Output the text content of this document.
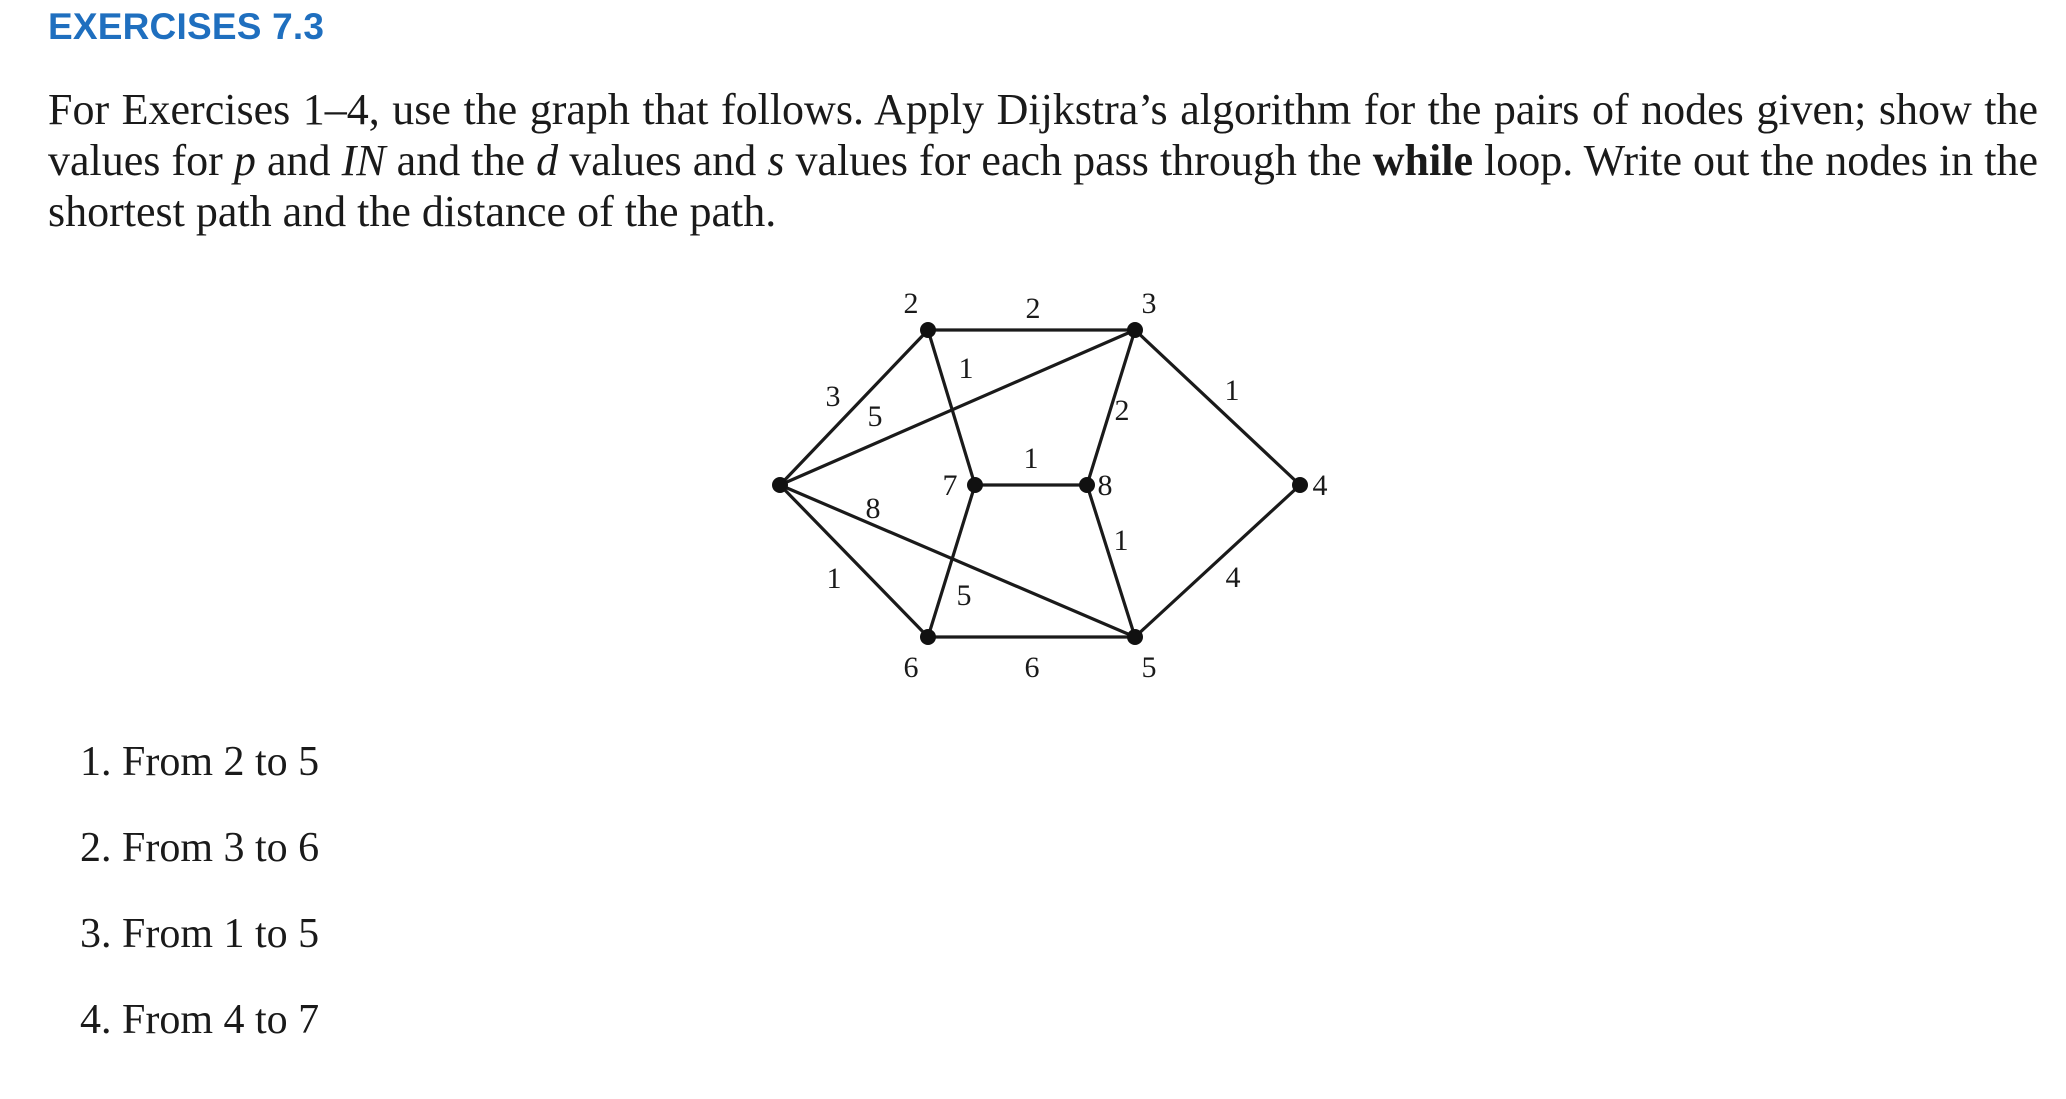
EXERCISES 7.3

For Exercises 1–4, use the graph that follows. Apply Dijkstra’s algorithm for the pairs of nodes given; show the values for p and IN and the d values and s values for each pass through the while loop. Write out the nodes in the shortest path and the distance of the path.

2
3
5
1
2
1
1
8
1
5
1
4
6
2	3
4
5
6
7	8
1. From 2 to 5
2. From 3 to 6
3. From 1 to 5
4. From 4 to 7
